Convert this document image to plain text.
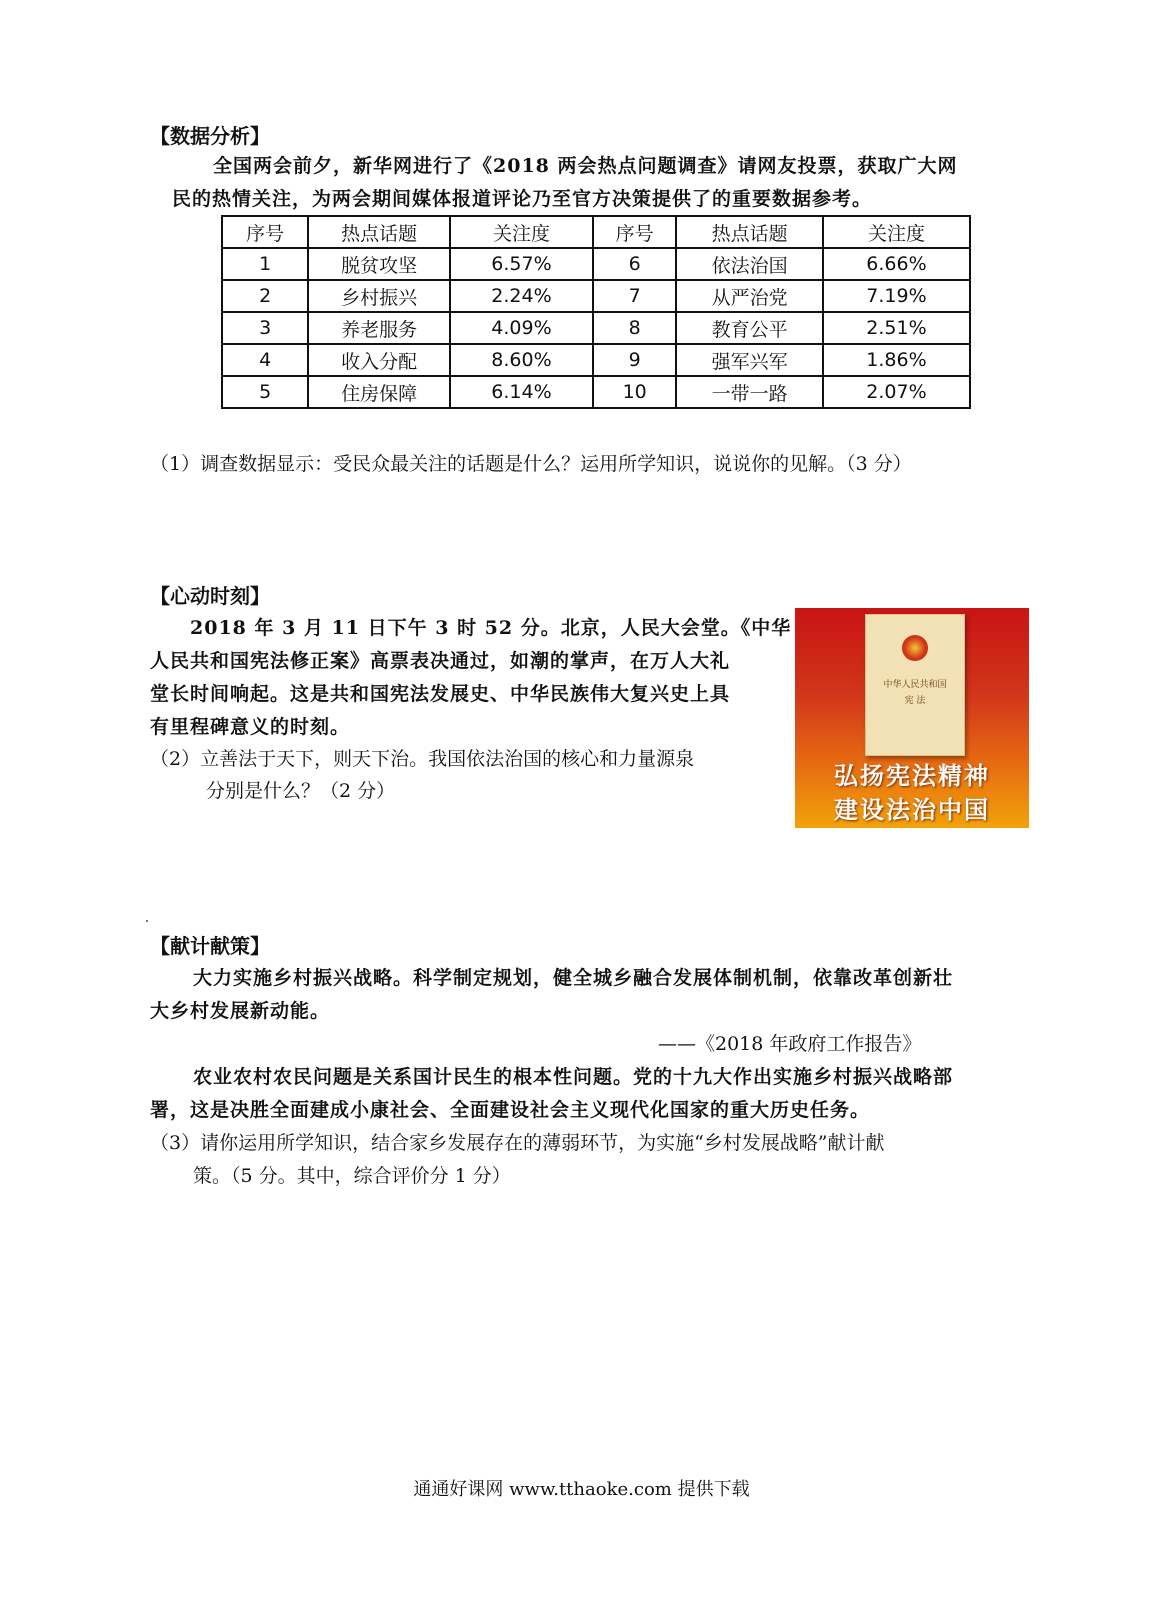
【数据分析】
全国两会前夕，新华网进行了《2018 两会热点问题调查》请网友投票，获取广大网
民的热情关注，为两会期间媒体报道评论乃至官方决策提供了的重要数据参考。
序号	热点话题	关注度	序号	热点话题	关注度
1	脱贫攻坚	6.57%	6	依法治国	6.66%
2	乡村振兴	2.24%	7	从严治党	7.19%
3	养老服务	4.09%	8	教育公平	2.51%
4	收入分配	8.60%	9	强军兴军	1.86%
5	住房保障	6.14%	10	一带一路	2.07%
（1）调查数据显示：受民众最关注的话题是什么？运用所学知识，说说你的见解。（3 分）
【心动时刻】
2018 年 3 月 11 日下午 3 时 52 分。北京，人民大会堂。《中华
人民共和国宪法修正案》高票表决通过，如潮的掌声，在万人大礼
堂长时间响起。这是共和国宪法发展史、中华民族伟大复兴史上具
有里程碑意义的时刻。
（2）立善法于天下，则天下治。我国依法治国的核心和力量源泉
分别是什么？（2 分）
中华人民共和国
宪 法
弘扬宪法精神
建设法治中国
【献计献策】
大力实施乡村振兴战略。科学制定规划，健全城乡融合发展体制机制，依靠改革创新壮
大乡村发展新动能。
——《2018 年政府工作报告》
农业农村农民问题是关系国计民生的根本性问题。党的十九大作出实施乡村振兴战略部
署，这是决胜全面建成小康社会、全面建设社会主义现代化国家的重大历史任务。
（3）请你运用所学知识，结合家乡发展存在的薄弱环节，为实施“乡村发展战略”献计献
策。（5 分。其中，综合评价分 1 分）
通通好课网 www.tthaoke.com 提供下载
